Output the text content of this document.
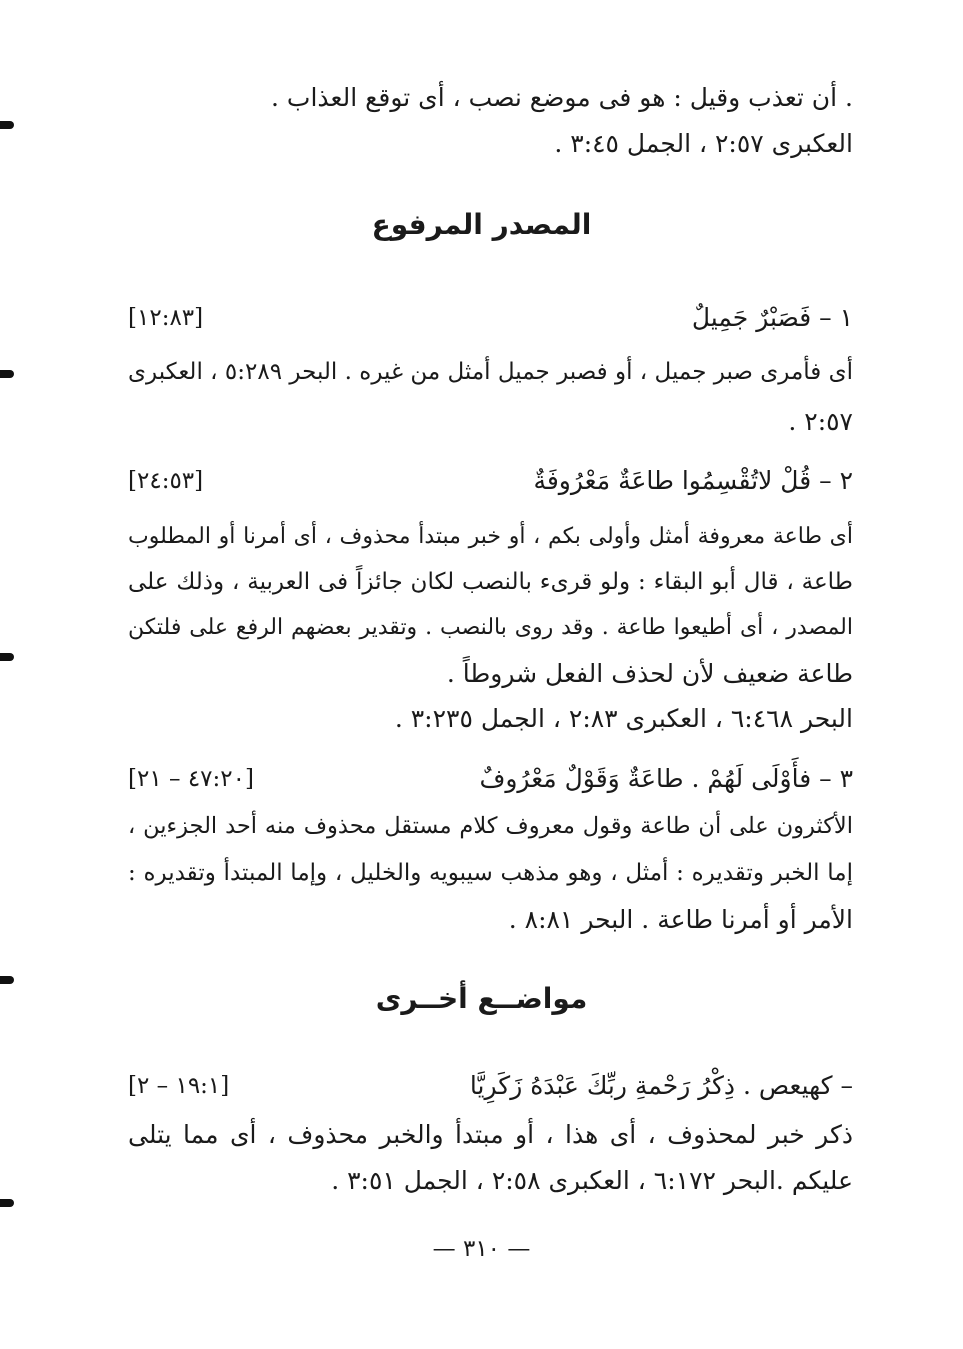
. أن تعذب وقيل : هو فى موضع نصب ، أى توقع العذاب .
العكبرى ٢:٥٧ ، الجمل ٣:٤٥ .
المصدر المرفوع
١ – فَصَبْرٌ جَمِيلٌ
[١٢:٨٣]
أى فأمرى صبر جميل ، أو فصبر جميل أمثل من غيره . البحر ٥:٢٨٩ ، العكبرى
٢:٥٧ .
٢ – قُلْ لاتُقْسِمُوا طاعَةٌ مَعْرُوفَةٌ
[٢٤:٥٣]
أى طاعة معروفة أمثل وأولى بكم ، أو خبر مبتدأ محذوف ، أى أمرنا أو المطلوب
طاعة ، قال أبو البقاء : ولو قرىء بالنصب لكان جائزاً فى العربية ، وذلك على
المصدر ، أى أطيعوا طاعة . وقد روى بالنصب . وتقدير بعضهم الرفع على فلتكن
طاعة ضعيف لأن لحذف الفعل شروطاً .
البحر ٦:٤٦٨ ، العكبرى ٢:٨٣ ، الجمل ٣:٢٣٥ .
٣ – فأَوْلَى لَهُمْ . طاعَةٌ وَقَوْلٌ مَعْرُوفٌ
[٤٧:٢٠ – ٢١]
الأكثرون على أن طاعة وقول معروف كلام مستقل محذوف منه أحد الجزءين ،
إما الخبر وتقديره : أمثل ، وهو مذهب سيبويه والخليل ، وإما المبتدأ وتقديره :
الأمر أو أمرنا طاعة . البحر ٨:٨١ .
مواضــع أخــرى
– كهيعص . ذِكْرُ رَحْمةِ ربِّكَ عَبْدَهُ زَكَرِيَّا
[١٩:١ – ٢]
ذكر خبر لمحذوف ، أى هذا ، أو مبتدأ والخبر محذوف ، أى مما يتلى
عليكم .البحر ٦:١٧٢ ، العكبرى ٢:٥٨ ، الجمل ٣:٥١ .
— ٣١٠ —
